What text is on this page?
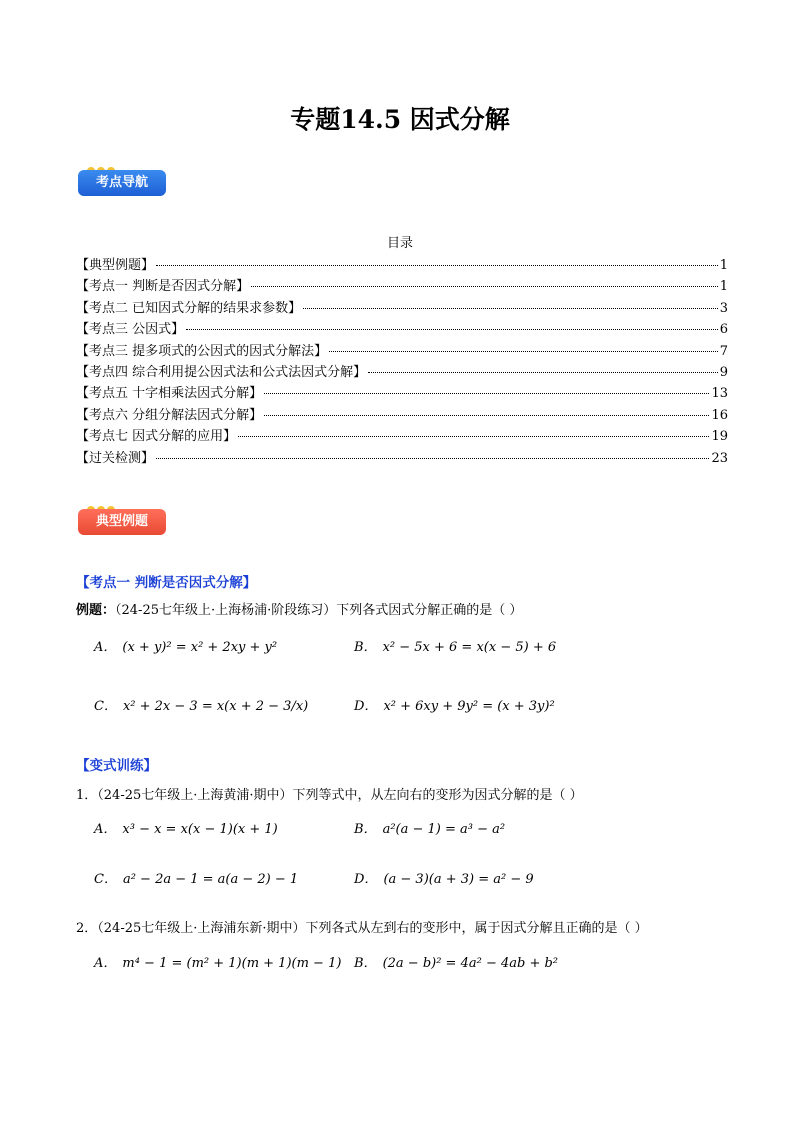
专题14.5 因式分解
考点导航
目录
【典型例题】	1
【考点一 判断是否因式分解】	1
【考点二 已知因式分解的结果求参数】	3
【考点三 公因式】	6
【考点三 提多项式的公因式的因式分解法】	7
【考点四 综合利用提公因式法和公式法因式分解】	9
【考点五 十字相乘法因式分解】	13
【考点六 分组分解法因式分解】	16
【考点七 因式分解的应用】	19
【过关检测】	23
典型例题
【考点一 判断是否因式分解】
例题：（24-25七年级上·上海杨浦·阶段练习）下列各式因式分解正确的是（ ）
A． (x + y)² = x² + 2xy + y²	B． x² − 5x + 6 = x(x − 5) + 6
C． x² + 2x − 3 = x(x + 2 − 3/x)	D． x² + 6xy + 9y² = (x + 3y)²
【变式训练】
1．（24-25七年级上·上海黄浦·期中）下列等式中，从左向右的变形为因式分解的是（ ）
A． x³ − x = x(x − 1)(x + 1)	B． a²(a − 1) = a³ − a²
C． a² − 2a − 1 = a(a − 2) − 1	D． (a − 3)(a + 3) = a² − 9
2．（24-25七年级上·上海浦东新·期中）下列各式从左到右的变形中，属于因式分解且正确的是（ ）
A． m⁴ − 1 = (m² + 1)(m + 1)(m − 1) B． (2a − b)² = 4a² − 4ab + b²
